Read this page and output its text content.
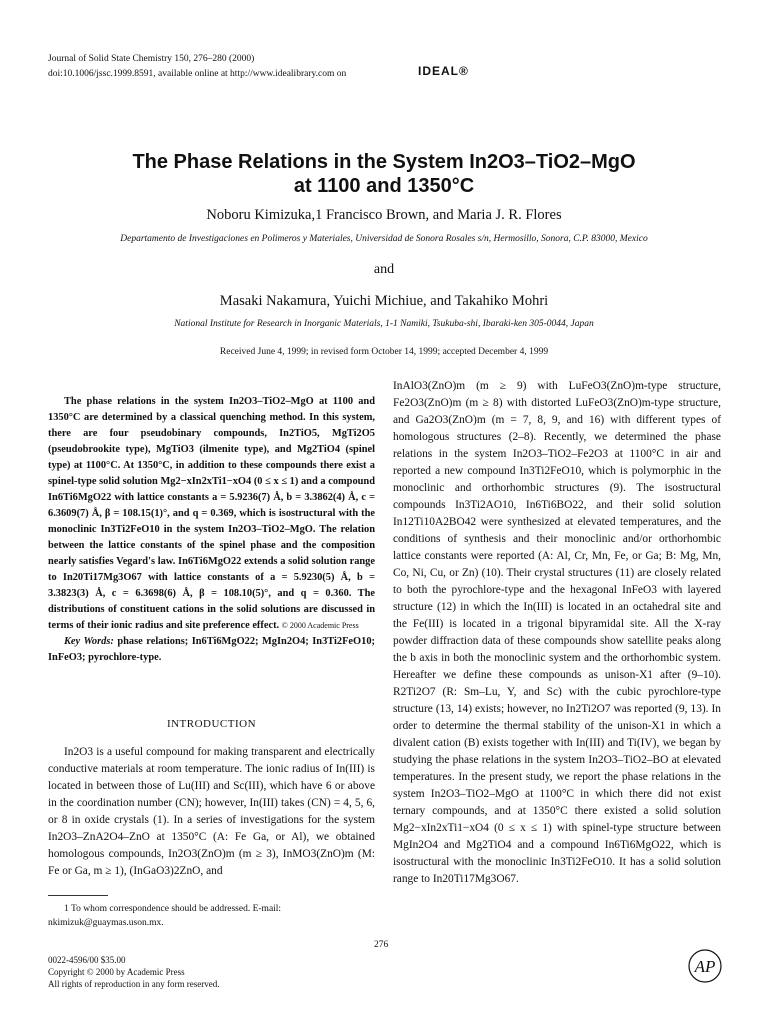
Journal of Solid State Chemistry 150, 276–280 (2000)
doi:10.1006/jssc.1999.8591, available online at http://www.idealibrary.com on	IDEAL®
The Phase Relations in the System In2O3–TiO2–MgO
at 1100 and 1350°C
Noboru Kimizuka,1 Francisco Brown, and Maria J. R. Flores
Departamento de Investigaciones en Polimeros y Materiales, Universidad de Sonora Rosales s/n, Hermosillo, Sonora, C.P. 83000, Mexico
and
Masaki Nakamura, Yuichi Michiue, and Takahiko Mohri
National Institute for Research in Inorganic Materials, 1-1 Namiki, Tsukuba-shi, Ibaraki-ken 305-0044, Japan
Received June 4, 1999; in revised form October 14, 1999; accepted December 4, 1999
The phase relations in the system In2O3–TiO2–MgO at 1100 and 1350°C are determined by a classical quenching method. In this system, there are four pseudobinary compounds, In2TiO5, MgTi2O5 (pseudobrookite type), MgTiO3 (ilmenite type), and Mg2TiO4 (spinel type) at 1100°C. At 1350°C, in addition to these compounds there exist a spinel-type solid solution Mg2−xIn2xTi1−xO4 (0 ≤ x ≤ 1) and a compound In6Ti6MgO22 with lattice constants a = 5.9236(7) Å, b = 3.3862(4) Å, c = 6.3609(7) Å, β = 108.15(1)°, and q = 0.369, which is isostructural with the monoclinic In3Ti2FeO10 in the system In2O3–TiO2–MgO. The relation between the lattice constants of the spinel phase and the composition nearly satisfies Vegard's law. In6Ti6MgO22 extends a solid solution range to In20Ti17Mg3O67 with lattice constants of a = 5.9230(5) Å, b = 3.3823(3) Å, c = 6.3698(6) Å, β = 108.10(5)°, and q = 0.360. The distributions of constituent cations in the solid solutions are discussed in terms of their ionic radius and site preference effect. © 2000 Academic Press
Key Words: phase relations; In6Ti6MgO22; MgIn2O4; In3Ti2FeO10; InFeO3; pyrochlore-type.
INTRODUCTION
In2O3 is a useful compound for making transparent and electrically conductive materials at room temperature. The ionic radius of In(III) is located in between those of Lu(III) and Sc(III), which have 6 or above in the coordination number (CN); however, In(III) takes (CN) = 4, 5, 6, or 8 in oxide crystals (1). In a series of investigations for the system In2O3–ZnA2O4–ZnO at 1350°C (A: Fe Ga, or Al), we obtained homologous compounds, In2O3(ZnO)m (m ≥ 3), InMO3(ZnO)m (M: Fe or Ga, m ≥ 1), (InGaO3)2ZnO, and
InAlO3(ZnO)m (m ≥ 9) with LuFeO3(ZnO)m-type structure, Fe2O3(ZnO)m (m ≥ 8) with distorted LuFeO3(ZnO)m-type structure, and Ga2O3(ZnO)m (m = 7, 8, 9, and 16) with different types of homologous structures (2–8). Recently, we determined the phase relations in the system In2O3–TiO2–Fe2O3 at 1100°C in air and reported a new compound In3Ti2FeO10, which is polymorphic in the monoclinic and orthorhombic structures (9). The isostructural compounds In3Ti2AO10, In6Ti6BO22, and their solid solution In12Ti10A2BO42 were synthesized at elevated temperatures, and the conditions of synthesis and their monoclinic and/or orthorhombic lattice constants were reported (A: Al, Cr, Mn, Fe, or Ga; B: Mg, Mn, Co, Ni, Cu, or Zn) (10). Their crystal structures (11) are closely related to both the pyrochlore-type and the hexagonal InFeO3 with layered structure (12) in which the In(III) is located in an octahedral site and the Fe(III) is located in a trigonal bipyramidal site. All the X-ray powder diffraction data of these compounds show satellite peaks along the b axis in both the monoclinic system and the orthorhombic system. Hereafter we define these compounds as unison-X1 after (9–10). R2Ti2O7 (R: Sm–Lu, Y, and Sc) with the cubic pyrochlore-type structure (13, 14) exists; however, no In2Ti2O7 was reported (9, 13). In order to determine the thermal stability of the unison-X1 in which a divalent cation (B) exists together with In(III) and Ti(IV), we began by studying the phase relations in the system In2O3–TiO2–BO at elevated temperatures. In the present study, we report the phase relations in the system In2O3–TiO2–MgO at 1100°C in which there did not exist ternary compounds, and at 1350°C there existed a solid solution Mg2−xIn2xTi1−xO4 (0 ≤ x ≤ 1) with spinel-type structure between MgIn2O4 and Mg2TiO4 and a compound In6Ti6MgO22, which is isostructural with the monoclinic In3Ti2FeO10. It has a solid solution range to In20Ti17Mg3O67.
1 To whom correspondence should be addressed. E-mail: nkimizuk@guaymas.uson.mx.
276
0022-4596/00 $35.00
Copyright © 2000 by Academic Press
All rights of reproduction in any form reserved.
AP
